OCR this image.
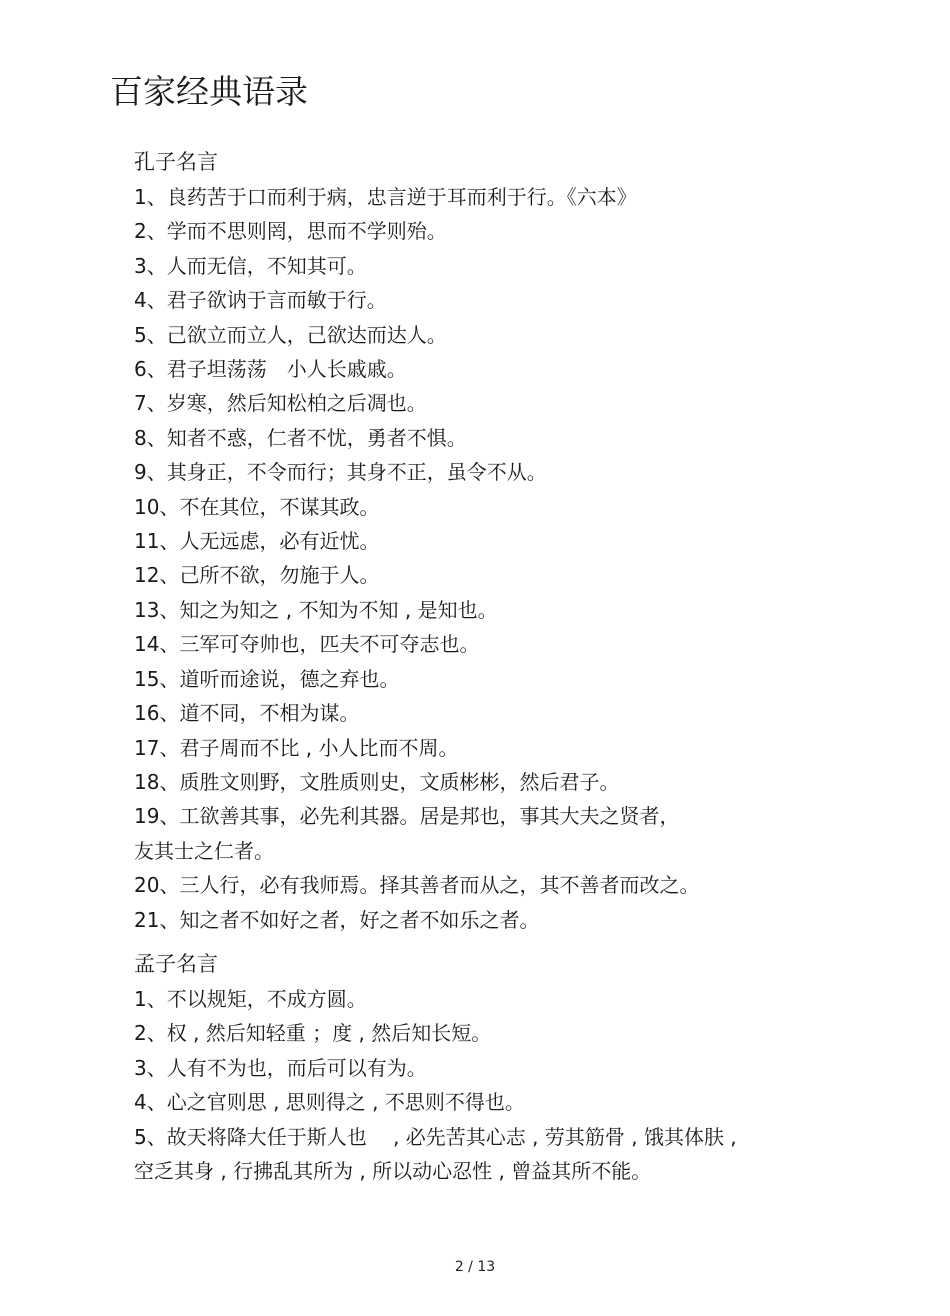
百家经典语录
孔子名言

1、良药苦于口而利于病，忠言逆于耳而利于行。《六本》

2、学而不思则罔，思而不学则殆。

3、人而无信，不知其可。

4、君子欲讷于言而敏于行。

5、己欲立而立人，己欲达而达人。

6、君子坦荡荡　小人长戚戚。

7、岁寒，然后知松柏之后凋也。

8、知者不惑，仁者不忧，勇者不惧。

9、其身正，不令而行；其身不正，虽令不从。

10、不在其位，不谋其政。

11、人无远虑，必有近忧。

12、己所不欲，勿施于人。

13、知之为知之 , 不知为不知 , 是知也。

14、三军可夺帅也，匹夫不可夺志也。

15、道听而途说，德之弃也。

16、道不同，不相为谋。

17、君子周而不比 , 小人比而不周。

18、质胜文则野，文胜质则史，文质彬彬，然后君子。

19、工欲善其事，必先利其器。居是邦也，事其大夫之贤者，
友其士之仁者。

20、三人行，必有我师焉。择其善者而从之，其不善者而改之。

21、知之者不如好之者，好之者不如乐之者。

孟子名言

1、不以规矩，不成方圆。

2、权 , 然后知轻重 ；度 , 然后知长短。

3、人有不为也，而后可以有为。

4、心之官则思 , 思则得之 , 不思则不得也。

5、故天将降大任于斯人也 　, 必先苦其心志 , 劳其筋骨 , 饿其体肤 ,
空乏其身 , 行拂乱其所为 , 所以动心忍性 , 曾益其所不能。

2 / 13
